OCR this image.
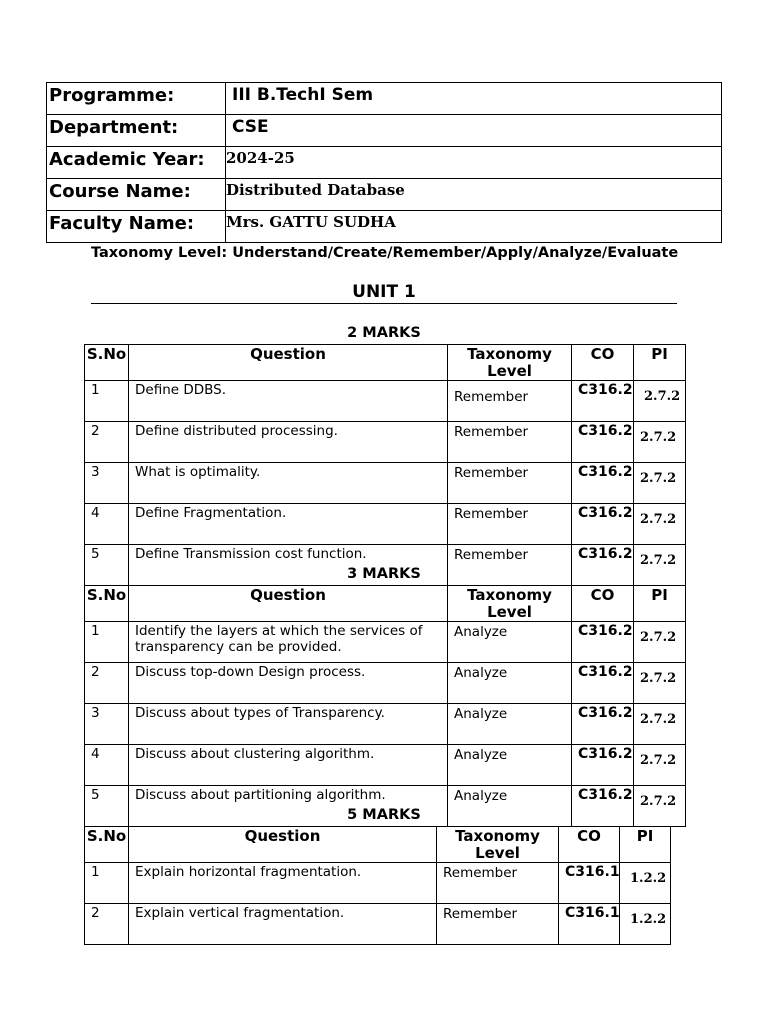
Programme:	III B.TechI Sem
Department:	CSE
Academic Year:	2024-25
Course Name:	Distributed Database
Faculty Name:	Mrs. GATTU SUDHA
Taxonomy Level: Understand/Create/Remember/Apply/Analyze/Evaluate
UNIT 1
2 MARKS
S.No	Question	Taxonomy Level	CO	PI
1	Define DDBS.	Remember	C316.2	2.7.2
2	Define distributed processing.	Remember	C316.2	2.7.2
3	What is optimality.	Remember	C316.2	2.7.2
4	Define Fragmentation.	Remember	C316.2	2.7.2
5	Define Transmission cost function.	Remember	C316.2	2.7.2
3 MARKS
S.No	Question	Taxonomy Level	CO	PI
1	Identify the layers at which the services of transparency can be provided.	Analyze	C316.2	2.7.2
2	Discuss top-down Design process.	Analyze	C316.2	2.7.2
3	Discuss about types of Transparency.	Analyze	C316.2	2.7.2
4	Discuss about clustering algorithm.	Analyze	C316.2	2.7.2
5	Discuss about partitioning algorithm.	Analyze	C316.2	2.7.2
5 MARKS
S.No	Question	Taxonomy Level	CO	PI
1	Explain horizontal fragmentation.	Remember	C316.1	1.2.2
2	Explain vertical fragmentation.	Remember	C316.1	1.2.2
